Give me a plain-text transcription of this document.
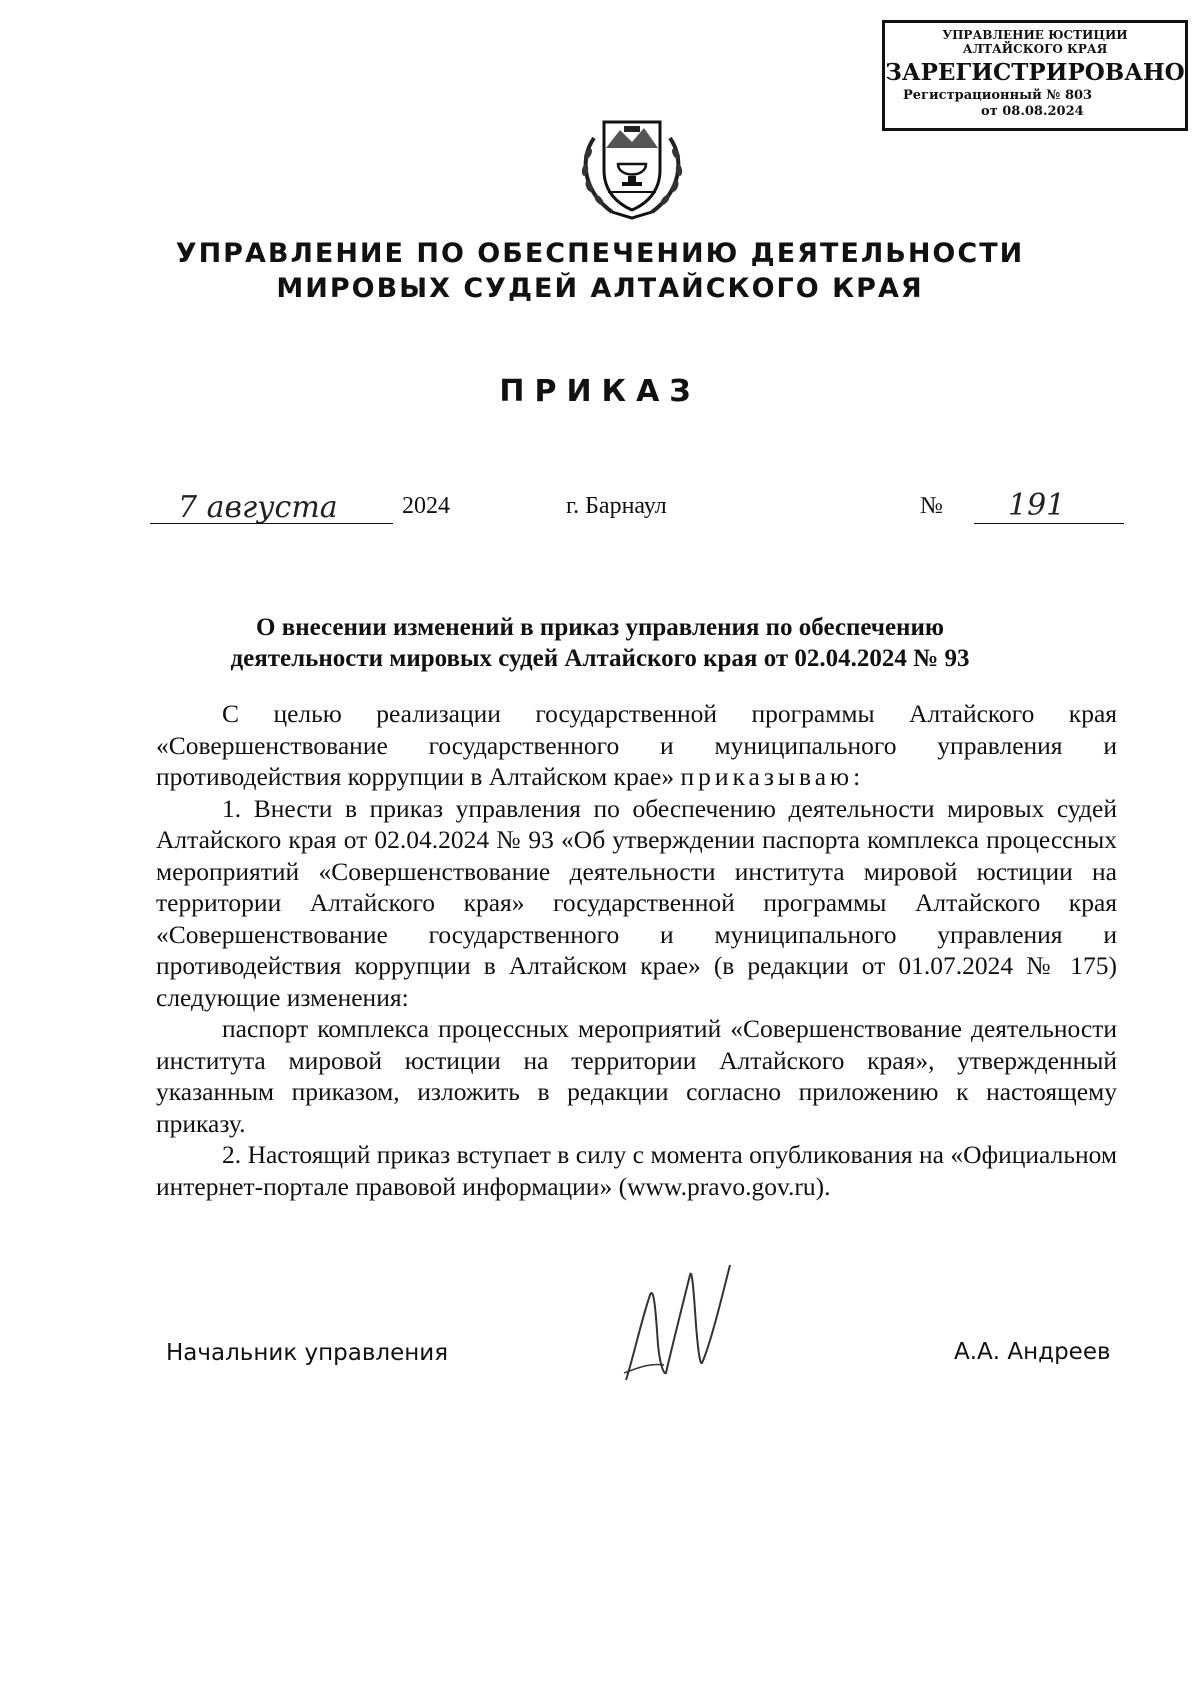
УПРАВЛЕНИЕ ЮСТИЦИИ
АЛТАЙСКОГО КРАЯ
ЗАРЕГИСТРИРОВАНО
Регистрационный № 803
от 08.08.2024
УПРАВЛЕНИЕ ПО ОБЕСПЕЧЕНИЮ ДЕЯТЕЛЬНОСТИ
МИРОВЫХ СУДЕЙ АЛТАЙСКОГО КРАЯ
ПРИКАЗ
7 августа	2024	г. Барнаул	№ 191
О внесении изменений в приказ управления по обеспечению
деятельности мировых судей Алтайского края от 02.04.2024 № 93

С целью реализации государственной программы Алтайского края «Совершенствование государственного и муниципального управления и противодействия коррупции в Алтайском крае» приказываю:

1. Внести в приказ управления по обеспечению деятельности мировых судей Алтайского края от 02.04.2024 № 93 «Об утверждении паспорта комплекса процессных мероприятий «Совершенствование деятельности института мировой юстиции на территории Алтайского края» государственной программы Алтайского края «Совершенствование государственного и муниципального управления и противодействия коррупции в Алтайском крае» (в редакции от 01.07.2024 № 175) следующие изменения:

паспорт комплекса процессных мероприятий «Совершенствование деятельности института мировой юстиции на территории Алтайского края», утвержденный указанным приказом, изложить в редакции согласно приложению к настоящему приказу.

2. Настоящий приказ вступает в силу с момента опубликования на «Официальном интернет-портале правовой информации» (www.pravo.gov.ru).

Начальник управления	А.А. Андреев
